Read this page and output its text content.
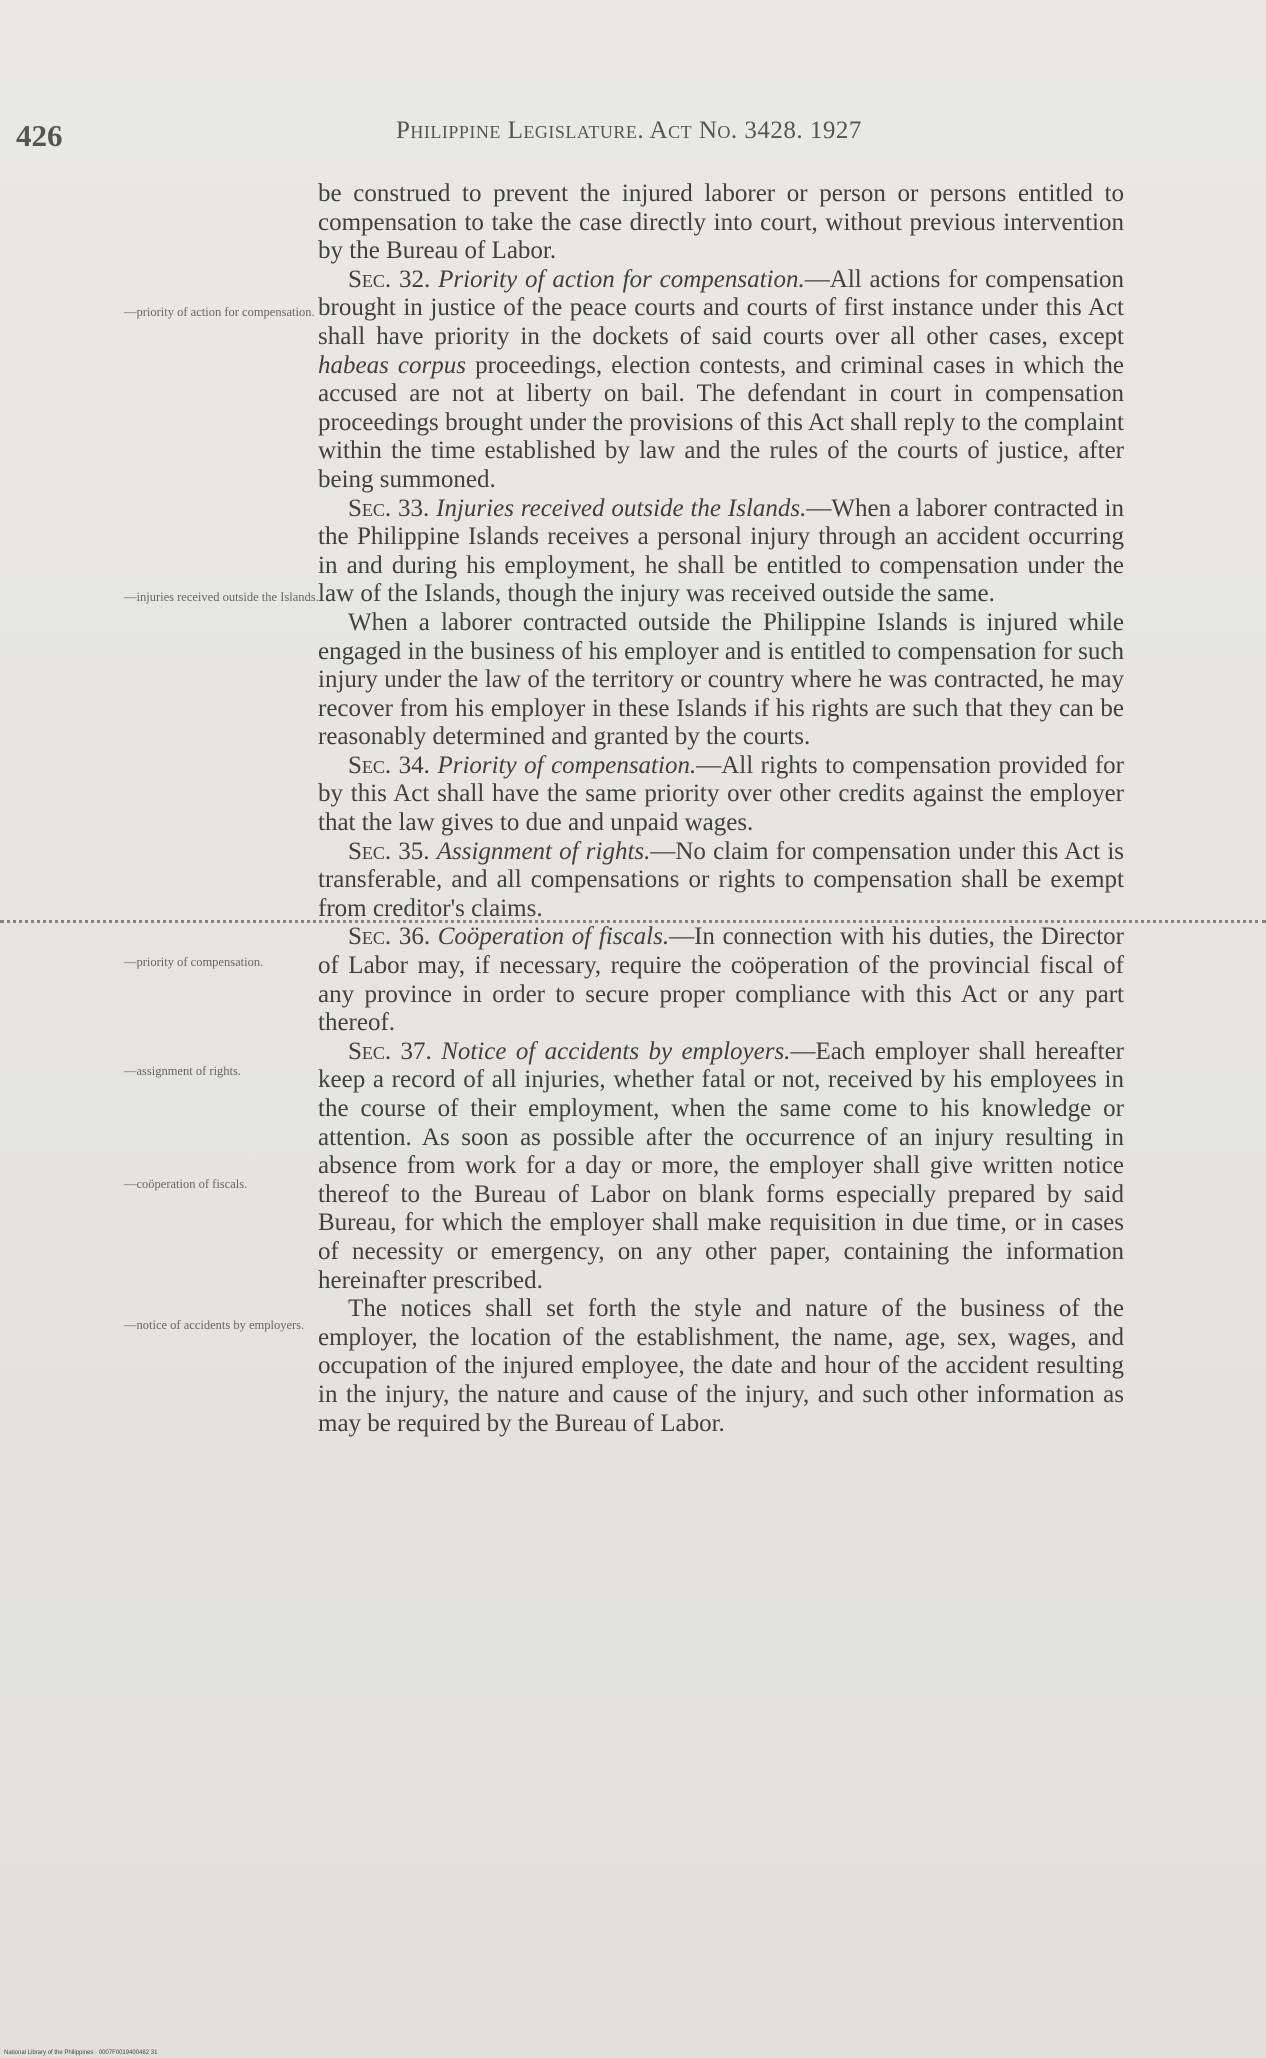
426	Philippine Legislature. Act No. 3428. 1927
—priority of action for compensation.
—injuries received outside the Islands.
—priority of compensation.
—assignment of rights.
—coöperation of fiscals.
—notice of accidents by employers.

be construed to prevent the injured laborer or person or persons entitled to compensation to take the case directly into court, without previous intervention by the Bureau of Labor.

Sec. 32. Priority of action for compensation.—All actions for compensation brought in justice of the peace courts and courts of first instance under this Act shall have priority in the dockets of said courts over all other cases, except habeas corpus proceedings, election contests, and criminal cases in which the accused are not at liberty on bail. The defendant in court in compensation proceedings brought under the provisions of this Act shall reply to the complaint within the time established by law and the rules of the courts of justice, after being summoned.

Sec. 33. Injuries received outside the Islands.—When a laborer contracted in the Philippine Islands receives a personal injury through an accident occurring in and during his employment, he shall be entitled to compensation under the law of the Islands, though the injury was received outside the same.

When a laborer contracted outside the Philippine Islands is injured while engaged in the business of his employer and is entitled to compensation for such injury under the law of the territory or country where he was contracted, he may recover from his employer in these Islands if his rights are such that they can be reasonably determined and granted by the courts.

Sec. 34. Priority of compensation.—All rights to compensation provided for by this Act shall have the same priority over other credits against the employer that the law gives to due and unpaid wages.

Sec. 35. Assignment of rights.—No claim for compensation under this Act is transferable, and all compensations or rights to compensation shall be exempt from creditor's claims.

Sec. 36. Coöperation of fiscals.—In connection with his duties, the Director of Labor may, if necessary, require the coöperation of the provincial fiscal of any province in order to secure proper compliance with this Act or any part thereof.

Sec. 37. Notice of accidents by employers.—Each employer shall hereafter keep a record of all injuries, whether fatal or not, received by his employees in the course of their employment, when the same come to his knowledge or attention. As soon as possible after the occurrence of an injury resulting in absence from work for a day or more, the employer shall give written notice thereof to the Bureau of Labor on blank forms especially prepared by said Bureau, for which the employer shall make requisition in due time, or in cases of necessity or emergency, on any other paper, containing the information hereinafter prescribed.

The notices shall set forth the style and nature of the business of the employer, the location of the establishment, the name, age, sex, wages, and occupation of the injured employee, the date and hour of the accident resulting in the injury, the nature and cause of the injury, and such other information as may be required by the Bureau of Labor.

National Library of the Philippines · 0007F0019400482 31
